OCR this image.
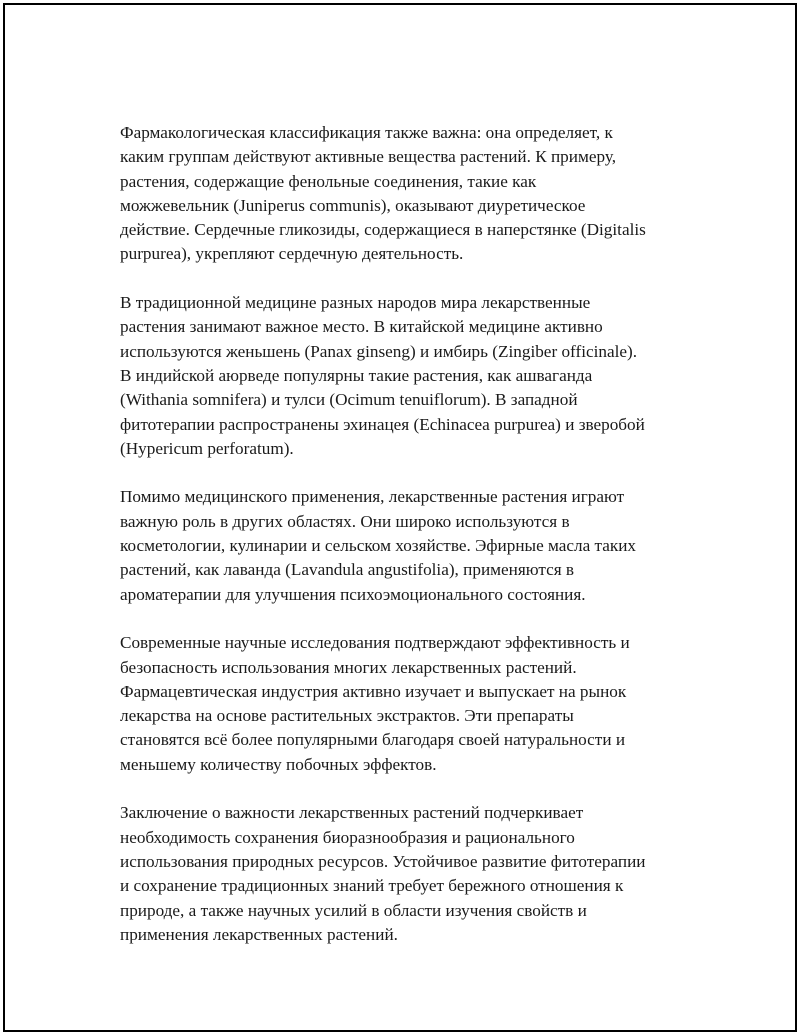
Фармакологическая классификация также важна: она определяет, к
каким группам действуют активные вещества растений. К примеру,
растения, содержащие фенольные соединения, такие как
можжевельник (Juniperus communis), оказывают диуретическое
действие. Сердечные гликозиды, содержащиеся в наперстянке (Digitalis
purpurea), укрепляют сердечную деятельность.

В традиционной медицине разных народов мира лекарственные
растения занимают важное место. В китайской медицине активно
используются женьшень (Panax ginseng) и имбирь (Zingiber officinale).
В индийской аюрведе популярны такие растения, как ашваганда
(Withania somnifera) и тулси (Ocimum tenuiflorum). В западной
фитотерапии распространены эхинацея (Echinacea purpurea) и зверобой
(Hypericum perforatum).

Помимо медицинского применения, лекарственные растения играют
важную роль в других областях. Они широко используются в
косметологии, кулинарии и сельском хозяйстве. Эфирные масла таких
растений, как лаванда (Lavandula angustifolia), применяются в
ароматерапии для улучшения психоэмоционального состояния.

Современные научные исследования подтверждают эффективность и
безопасность использования многих лекарственных растений.
Фармацевтическая индустрия активно изучает и выпускает на рынок
лекарства на основе растительных экстрактов. Эти препараты
становятся всё более популярными благодаря своей натуральности и
меньшему количеству побочных эффектов.

Заключение о важности лекарственных растений подчеркивает
необходимость сохранения биоразнообразия и рационального
использования природных ресурсов. Устойчивое развитие фитотерапии
и сохранение традиционных знаний требует бережного отношения к
природе, а также научных усилий в области изучения свойств и
применения лекарственных растений.
